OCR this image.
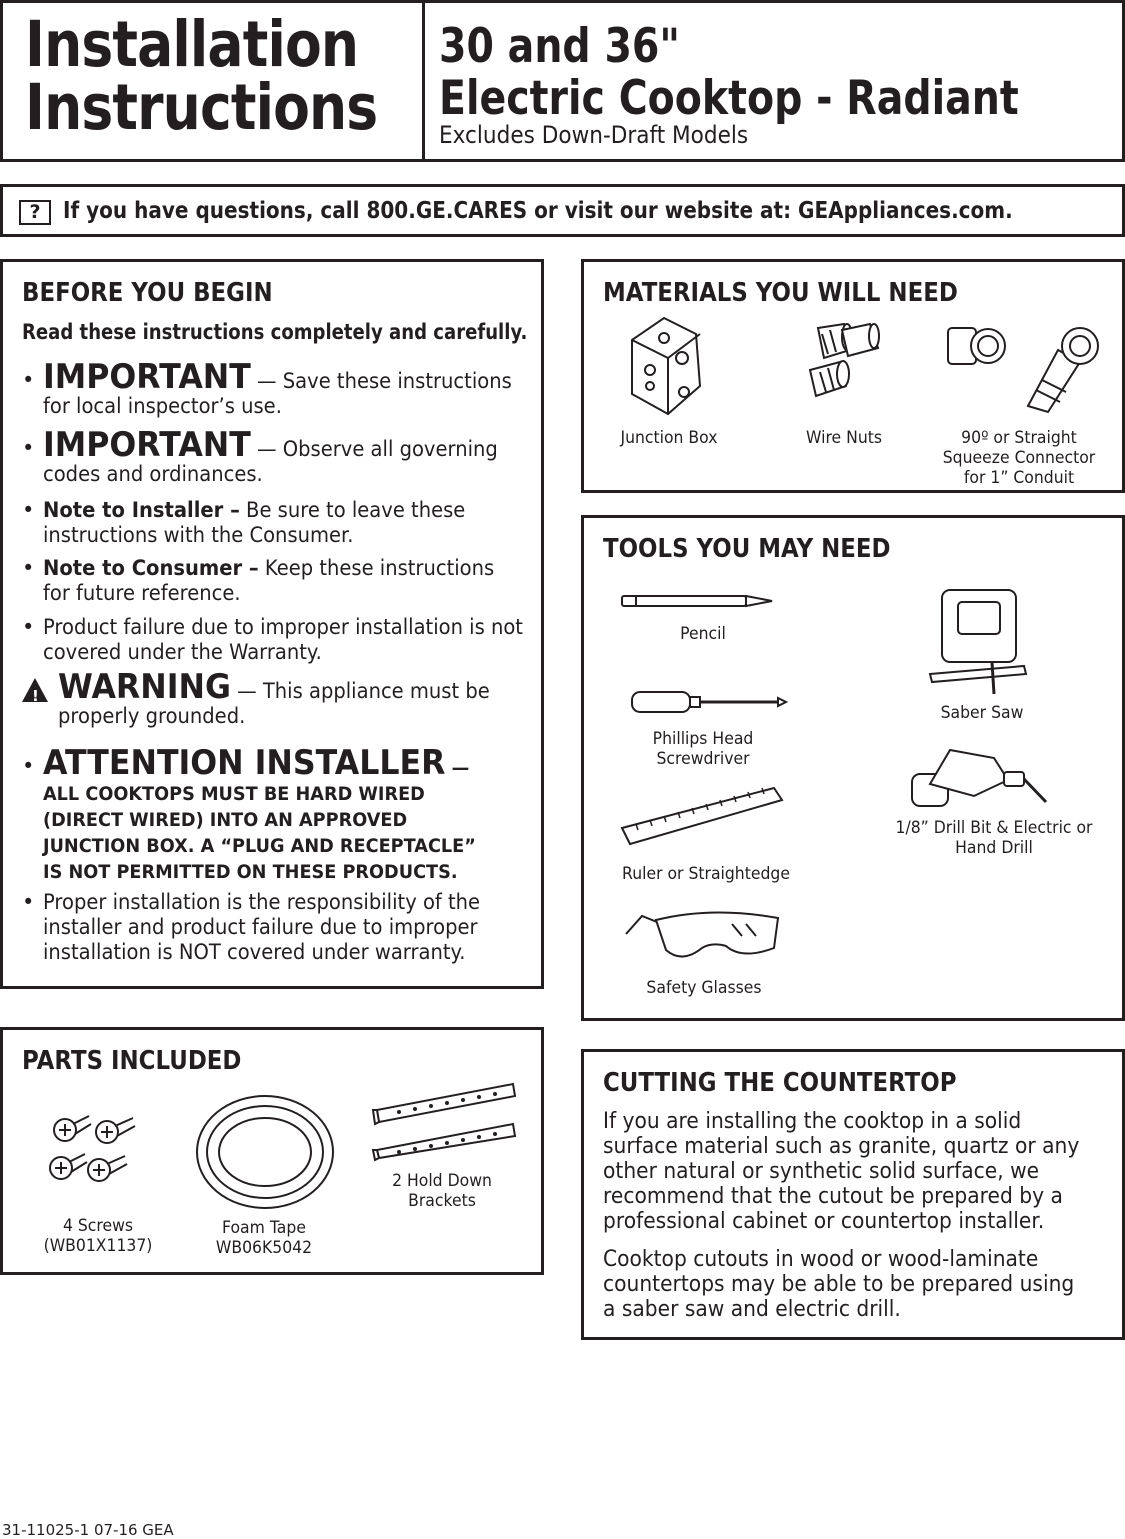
Installation
Instructions
30 and 36"
Electric Cooktop - Radiant
Excludes Down-Draft Models
? If you have questions, call 800.GE.CARES or visit our website at: GEAppliances.com.
BEFORE YOU BEGIN
Read these instructions completely and carefully.
• IMPORTANT — Save these instructions for local inspector’s use.
• IMPORTANT — Observe all governing codes and ordinances.
• Note to Installer – Be sure to leave these instructions with the Consumer.
• Note to Consumer – Keep these instructions for future reference.
• Product failure due to improper installation is not covered under the Warranty.
! WARNING — This appliance must be properly grounded.
• ATTENTION INSTALLER — ALL COOKTOPS MUST BE HARD WIRED (DIRECT WIRED) INTO AN APPROVED JUNCTION BOX. A “PLUG AND RECEPTACLE” IS NOT PERMITTED ON THESE PRODUCTS.
• Proper installation is the responsibility of the installer and product failure due to improper installation is NOT covered under warranty.
MATERIALS YOU WILL NEED
Junction Box	Wire Nuts	90º or Straight
Squeeze Connector
for 1” Conduit
TOOLS YOU MAY NEED
Pencil
Phillips Head
Screwdriver
Ruler or Straightedge
Safety Glasses
Saber Saw
1/8” Drill Bit & Electric or
Hand Drill
PARTS INCLUDED
4 Screws
(WB01X1137)
Foam Tape
WB06K5042
2 Hold Down
Brackets
CUTTING THE COUNTERTOP
If you are installing the cooktop in a solid surface material such as granite, quartz or any other natural or synthetic solid surface, we recommend that the cutout be prepared by a professional cabinet or countertop installer.
Cooktop cutouts in wood or wood-laminate countertops may be able to be prepared using a saber saw and electric drill.
31-11025-1 07-16 GEA
